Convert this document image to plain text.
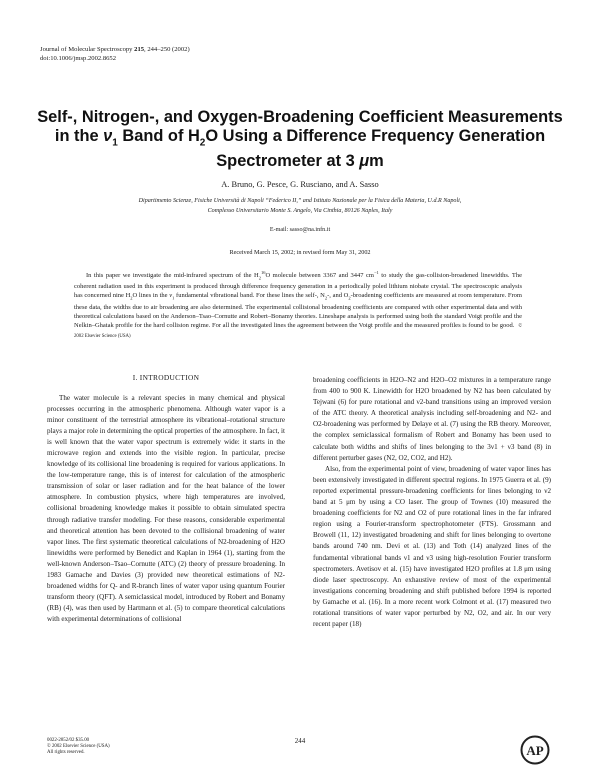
Journal of Molecular Spectroscopy 215, 244–250 (2002)
doi:10.1006/jmsp.2002.8652
Self-, Nitrogen-, and Oxygen-Broadening Coefficient Measurements
in the $\nu_1$ Band of $H_2O$ Using a Difference Frequency Generation
Spectrometer at 3 μm
A. Bruno, G. Pesce, G. Rusciano, and A. Sasso
Dipartimento Scienze, Fisiche Università di Napoli “Federico II,” and Istituto Nazionale per la Fisica della Materia, U.d.R Napoli,
Complesso Universitario Monte S. Angelo, Via Cinthia, 80126 Naples, Italy
E-mail: sasso@na.infn.it
Received March 15, 2002; in revised form May 31, 2002
In this paper we investigate the mid-infrared spectrum of the $H_2^{16}O$ molecule between 3367 and 3447 $cm^{-1}$ to study the gas-collision-broadened linewidths. The coherent radiation used in this experiment is produced through difference frequency generation in a periodically poled lithium niobate crystal. The spectroscopic analysis has concerned nine $H_2O$ lines in the $\nu_1$ fundamental vibrational band. For these lines the self-, $N_2-$, and $O_2$-broadening coefficients are measured at room temperature. From these data, the widths due to air broadening are also determined. The experimental collisional broadening coefficients are compared with other experimental data and with theoretical calculations based on the Anderson–Tsao–Cornutte and Robert–Bonamy theories. Lineshape analysis is performed using both the standard Voigt profile and the Nelkin–Ghatak profile for the hard collision regime. For all the investigated lines the agreement between the Voigt profile and the measured profiles is found to be good. © 2002 Elsevier Science (USA)
I. INTRODUCTION

The water molecule is a relevant species in many chemical and physical processes occurring in the atmospheric phenomena. Although water vapor is a minor constituent of the terrestrial atmosphere its vibrational–rotational structure plays a major role in determining the optical properties of the atmosphere. In fact, it is well known that the water vapor spectrum is extremely wide: it starts in the microwave region and extends into the visible region. In particular, precise knowledge of its collisional line broadening is required for various applications. In the low-temperature range, this is of interest for calculation of the atmospheric transmission of solar or laser radiation and for the heat balance of the lower atmosphere. In combustion physics, where high temperatures are involved, collisional broadening knowledge makes it possible to obtain simulated spectra through radiative transfer modeling. For these reasons, considerable experimental and theoretical attention has been devoted to the collisional broadening of water vapor lines. The first systematic theoretical calculations of N2-broadening of H2O linewidths were performed by Benedict and Kaplan in 1964 (1), starting from the well-known Anderson–Tsao–Cornutte (ATC) (2) theory of pressure broadening. In 1983 Gamache and Davies (3) provided new theoretical estimations of N2-broadened widths for Q- and R-branch lines of water vapor using quantum Fourier transform theory (QFT). A semiclassical model, introduced by Robert and Bonamy (RB) (4), was then used by Hartmann et al. (5) to compare theoretical calculations with experimental determinations of collisional

broadening coefficients in H2O–N2 and H2O–O2 mixtures in a temperature range from 400 to 900 K. Linewidth for H2O broadened by N2 has been calculated by Tejwani (6) for pure rotational and ν2-band transitions using an improved version of the ATC theory. A theoretical analysis including self-broadening and N2- and O2-broadening was performed by Delaye et al. (7) using the RB theory. Moreover, the complex semiclassical formalism of Robert and Bonamy has been used to calculate both widths and shifts of lines belonging to the 3ν1 + ν3 band (8) in different perturber gases (N2, O2, CO2, and H2).

Also, from the experimental point of view, broadening of water vapor lines has been extensively investigated in different spectral regions. In 1975 Guerra et al. (9) reported experimental pressure-broadening coefficients for lines belonging to ν2 band at 5 μm by using a CO laser. The group of Townes (10) measured the broadening coefficients for N2 and O2 of pure rotational lines in the far infrared region using a Fourier-transform spectrophotometer (FTS). Grossmann and Browell (11, 12) investigated broadening and shift for lines belonging to overtone bands around 740 nm. Devi et al. (13) and Toth (14) analyzed lines of the fundamental vibrational bands ν1 and ν3 using high-resolution Fourier transform spectrometers. Avetisov et al. (15) have investigated H2O profiles at 1.8 μm using diode laser spectroscopy. An exhaustive review of most of the experimental investigations concerning broadening and shift published before 1994 is reported by Gamache et al. (16). In a more recent work Colmont et al. (17) measured two rotational transitions of water vapor perturbed by N2, O2, and air. In our very recent paper (18)

244
0022-2852/02 $35.00
© 2002 Elsevier Science (USA)
All rights reserved.	AP
